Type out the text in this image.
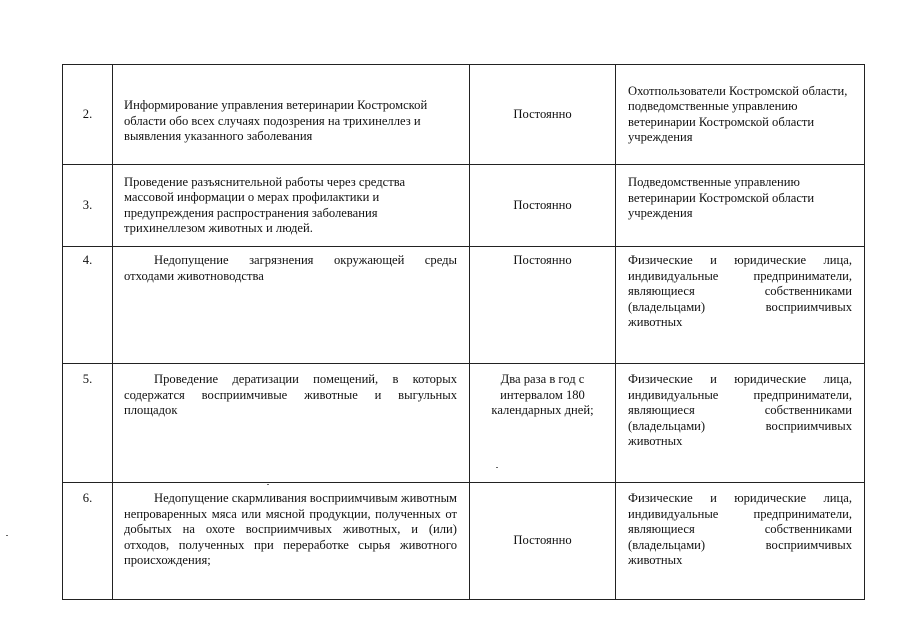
2.	Информирование управления ветеринарии Костромской области обо всех случаях подозрения на трихинеллез и выявления указанного заболевания	Постоянно	Охотпользователи Костромской области, подведомственные управлению ветеринарии Костромской области учреждения
3.	Проведение разъяснительной работы через средства массовой информации о мерах профилактики и предупреждения распространения заболевания трихинеллезом животных и людей.	Постоянно	Подведомственные управлению ветеринарии Костромской области учреждения

4.	Недопущение загрязнения окружающей среды отходами животноводства	Постоянно	Физические и юридические лица, индивидуальные предприниматели, являющиеся собственниками (владельцами) восприимчивых животных
5.	Проведение дератизации помещений, в которых содержатся восприимчивые животные и выгульных площадок	Два раза в год с интервалом 180 календарных дней;	Физические и юридические лица, индивидуальные предприниматели, являющиеся собственниками (владельцами) восприимчивых животных
6.	Недопущение скармливания восприимчивым животным непроваренных мяса или мясной продукции, полученных от добытых на охоте восприимчивых животных, и (или) отходов, полученных при переработке сырья животного происхождения;	Постоянно	Физические и юридические лица, индивидуальные предприниматели, являющиеся собственниками (владельцами) восприимчивых животных
